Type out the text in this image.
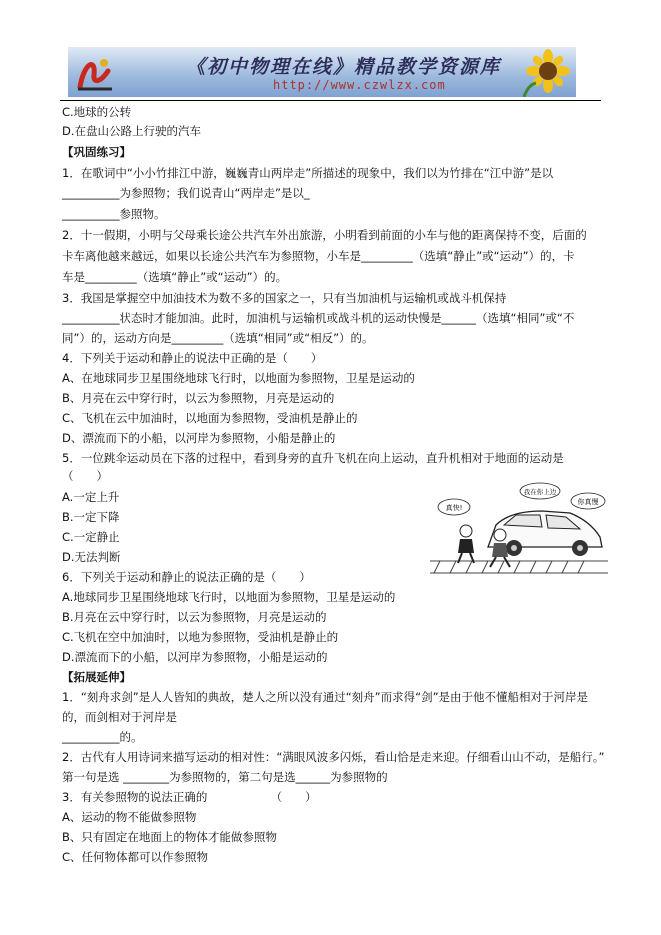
《初中物理在线》精品教学资源库
http://www.czwlzx.com
C.地球的公转
D.在盘山公路上行驶的汽车
【巩固练习】
1．在歌词中“小小竹排江中游，巍巍青山两岸走”所描述的现象中，我们以为竹排在“江中游”是以
__________为参照物；我们说青山“两岸走”是以_
__________参照物。
2．十一假期，小明与父母乘长途公共汽车外出旅游，小明看到前面的小车与他的距离保持不变，后面的
卡车离他越来越远，如果以长途公共汽车为参照物，小车是_________（选填“静止”或“运动”）的，卡
车是_________（选填“静止”或“运动”）的。
3．我国是掌握空中加油技术为数不多的国家之一，只有当加油机与运输机或战斗机保持
__________状态时才能加油。此时，加油机与运输机或战斗机的运动快慢是______（选填“相同”或“不
同”）的，运动方向是_________（选填“相同”或“相反”）的。
4．下列关于运动和静止的说法中正确的是（　　）
A、在地球同步卫星围绕地球飞行时，以地面为参照物，卫星是运动的
B、月亮在云中穿行时，以云为参照物，月亮是运动的
C、飞机在云中加油时，以地面为参照物，受油机是静止的
D、漂流而下的小船，以河岸为参照物，小船是静止的
5．一位跳伞运动员在下落的过程中，看到身旁的直升飞机在向上运动，直升机相对于地面的运动是
（　　）
A.一定上升
B.一定下降
C.一定静止
D.无法判断
6．下列关于运动和静止的说法正确的是（　　）
A.地球同步卫星围绕地球飞行时，以地面为参照物，卫星是运动的
B.月亮在云中穿行时，以云为参照物，月亮是运动的
C.飞机在空中加油时，以地为参照物，受油机是静止的
D.漂流而下的小船，以河岸为参照物，小船是运动的
【拓展延伸】
1．“刻舟求剑”是人人皆知的典故，楚人之所以没有通过“刻舟”而求得“剑”是由于他不懂船相对于河岸是
的，而剑相对于河岸是
__________的。
2．古代有人用诗词来描写运动的相对性：“满眼风波多闪烁，看山恰是走来迎。仔细看山山不动，是船行。”
第一句是选 ________为参照物的，第二句是选______为参照物的
3．有关参照物的说法正确的　　　　　　（　　）
A、运动的物不能做参照物
B、只有固定在地面上的物体才能做参照物
C、任何物体都可以作参照物
真快!
我在你上边
你真慢
